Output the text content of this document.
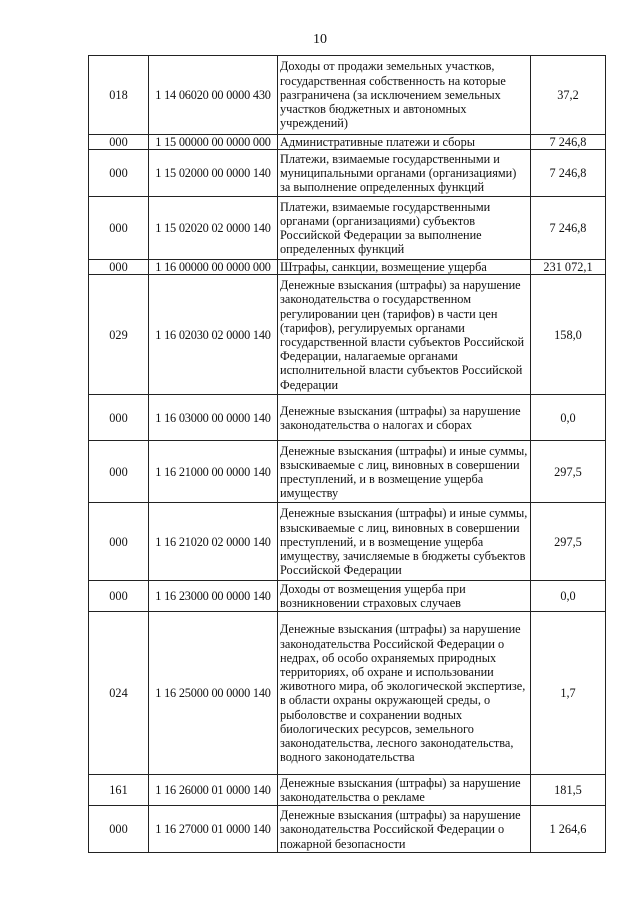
10
018	1 14 06020 00 0000 430	Доходы от продажи земельных участков, государственная собственность на которые разграничена (за исключением земельных участков бюджетных и автономных учреждений)	37,2
000	1 15 00000 00 0000 000	Административные платежи и сборы	7 246,8
000	1 15 02000 00 0000 140	Платежи, взимаемые государственными и муниципальными органами (организациями) за выполнение определенных функций	7 246,8
000	1 15 02020 02 0000 140	Платежи, взимаемые государственными органами (организациями) субъектов Российской Федерации за выполнение определенных функций	7 246,8
000	1 16 00000 00 0000 000	Штрафы, санкции, возмещение ущерба	231 072,1
029	1 16 02030 02 0000 140	Денежные взыскания (штрафы) за нарушение законодательства о государственном регулировании цен (тарифов) в части цен (тарифов), регулируемых органами государственной власти субъектов Российской Федерации, налагаемые органами исполнительной власти субъектов Российской Федерации	158,0
000	1 16 03000 00 0000 140	Денежные взыскания (штрафы) за нарушение законодательства о налогах и сборах	0,0
000	1 16 21000 00 0000 140	Денежные взыскания (штрафы) и иные суммы, взыскиваемые с лиц, виновных в совершении преступлений, и в возмещение ущерба имуществу	297,5
000	1 16 21020 02 0000 140	Денежные взыскания (штрафы) и иные суммы, взыскиваемые с лиц, виновных в совершении преступлений, и в возмещение ущерба имуществу, зачисляемые в бюджеты субъектов Российской Федерации	297,5
000	1 16 23000 00 0000 140	Доходы от возмещения ущерба при возникновении страховых случаев	0,0
024	1 16 25000 00 0000 140	Денежные взыскания (штрафы) за нарушение законодательства Российской Федерации о недрах, об особо охраняемых природных территориях, об охране и использовании животного мира, об экологической экспертизе, в области охраны окружающей среды, о рыболовстве и сохранении водных биологических ресурсов, земельного законодательства, лесного законодательства, водного законодательства	1,7
161	1 16 26000 01 0000 140	Денежные взыскания (штрафы) за нарушение законодательства о рекламе	181,5
000	1 16 27000 01 0000 140	Денежные взыскания (штрафы) за нарушение законодательства Российской Федерации о пожарной безопасности	1 264,6
